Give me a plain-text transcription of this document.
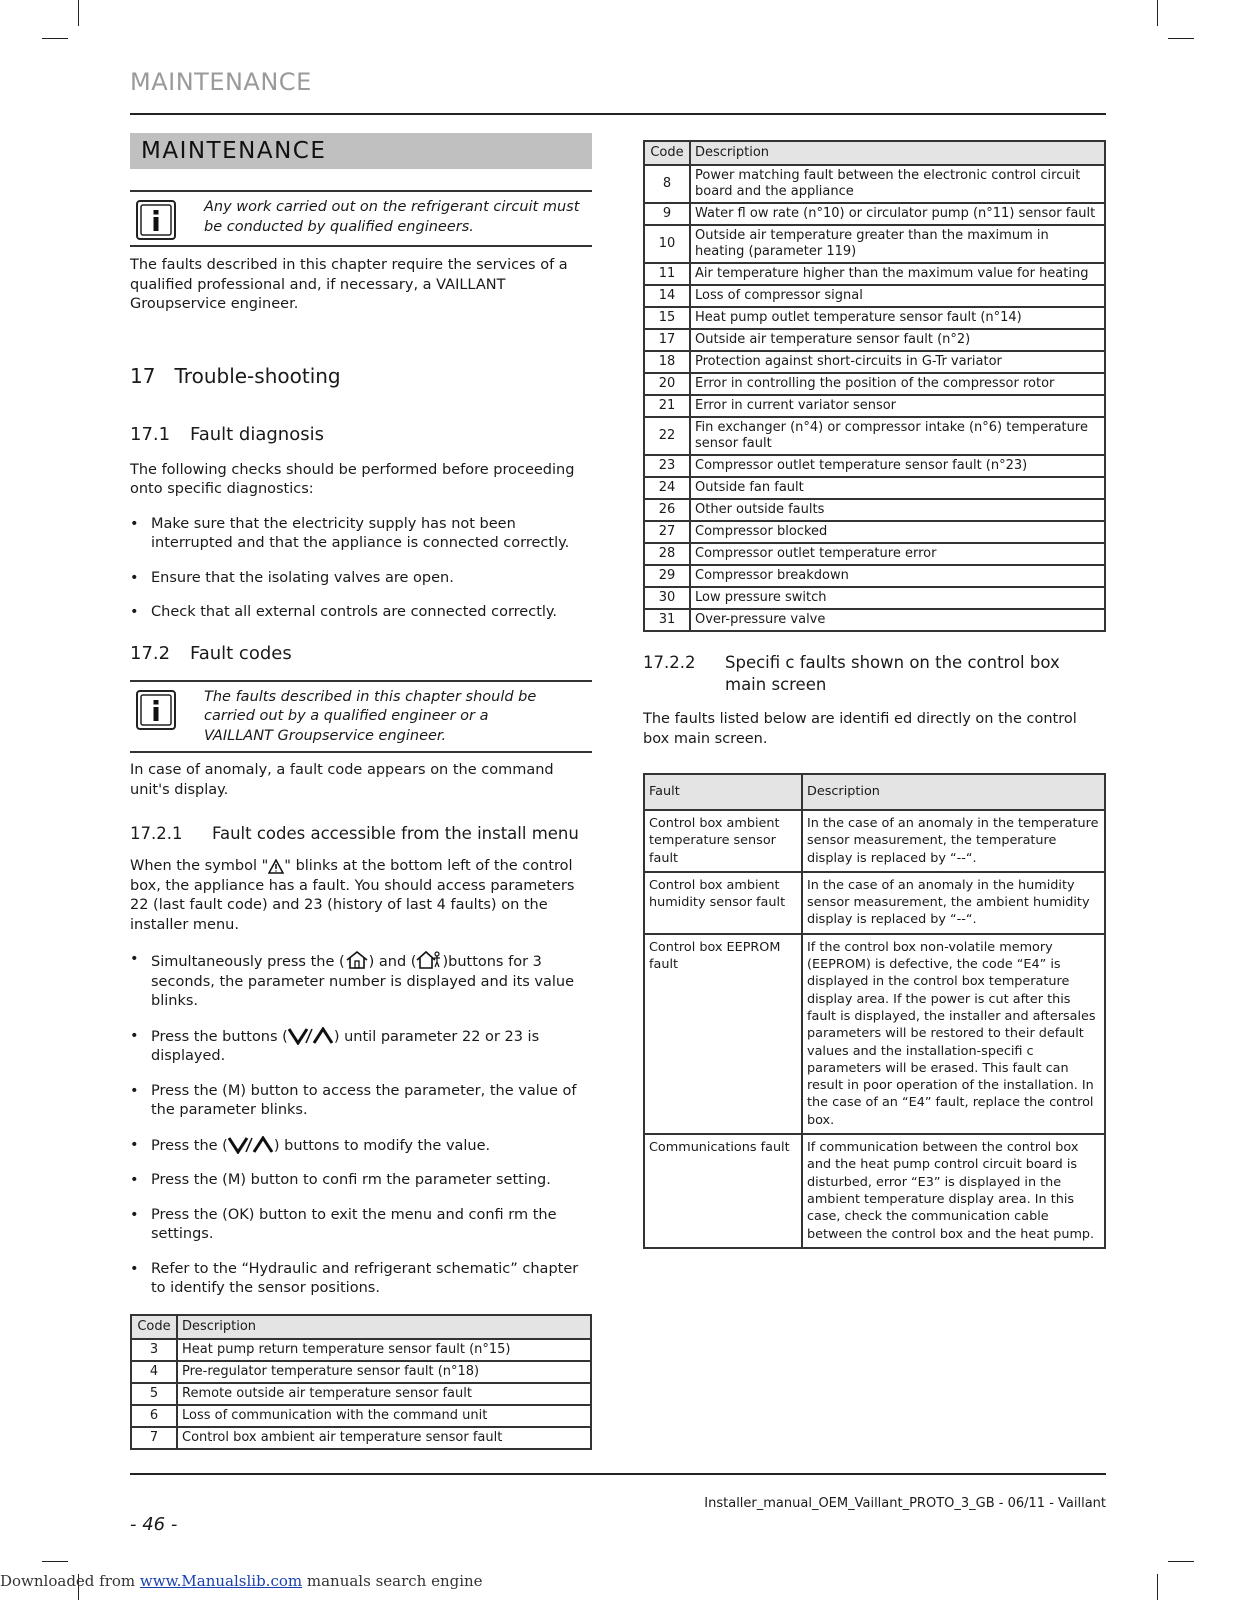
MAINTENANCE
MAINTENANCE
Any work carried out on the refrigerant circuit must be conducted by qualified engineers.

The faults described in this chapter require the services of a qualified professional and, if necessary, a VAILLANT Groupservice engineer.

17 Trouble-shooting
17.1 Fault diagnosis

The following checks should be performed before proceeding onto specific diagnostics:

• Make sure that the electricity supply has not been interrupted and that the appliance is connected correctly.
• Ensure that the isolating valves are open.
• Check that all external controls are connected correctly.
17.2 Fault codes
The faults described in this chapter should be carried out by a qualified engineer or a VAILLANT Groupservice engineer.

In case of anomaly, a fault code appears on the command unit's display.

17.2.1 Fault codes accessible from the install menu

When the symbol " " blinks at the bottom left of the control box, the appliance has a fault. You should access parameters 22 (last fault code) and 23 (history of last 4 faults) on the installer menu.

• Simultaneously press the ( ) and ( )buttons for 3 seconds, the parameter number is displayed and its value blinks.
• Press the buttons (	) until parameter 22 or 23 is displayed.
• Press the (M) button to access the parameter, the value of the parameter blinks.
• Press the (	) buttons to modify the value.
• Press the (M) button to confi rm the parameter setting.
• Press the (OK) button to exit the menu and confi rm the settings.
• Refer to the “Hydraulic and refrigerant schematic” chapter to identify the sensor positions.
Code	Description
3	Heat pump return temperature sensor fault (n°15)
4	Pre-regulator temperature sensor fault (n°18)
5	Remote outside air temperature sensor fault
6	Loss of communication with the command unit
7	Control box ambient air temperature sensor fault
Code	Description
8	Power matching fault between the electronic control circuit board and the appliance
9	Water fl ow rate (n°10) or circulator pump (n°11) sensor fault
10	Outside air temperature greater than the maximum in heating (parameter 119)
11	Air temperature higher than the maximum value for heating
14	Loss of compressor signal
15	Heat pump outlet temperature sensor fault (n°14)
17	Outside air temperature sensor fault (n°2)
18	Protection against short-circuits in G-Tr variator
20	Error in controlling the position of the compressor rotor
21	Error in current variator sensor
22	Fin exchanger (n°4) or compressor intake (n°6) temperature sensor fault
23	Compressor outlet temperature sensor fault (n°23)
24	Outside fan fault
26	Other outside faults
27	Compressor blocked
28	Compressor outlet temperature error
29	Compressor breakdown
30	Low pressure switch
31	Over-pressure valve
17.2.2	Specifi c faults shown on the control box main screen

The faults listed below are identifi ed directly on the control box main screen.

Fault	Description
Control box ambient temperature sensor fault	In the case of an anomaly in the temperature sensor measurement, the temperature display is replaced by “--“.
Control box ambient humidity sensor fault	In the case of an anomaly in the humidity sensor measurement, the ambient humidity display is replaced by “--“.
Control box EEPROM fault	If the control box non-volatile memory (EEPROM) is defective, the code “E4” is displayed in the control box temperature display area. If the power is cut after this fault is displayed, the installer and aftersales parameters will be restored to their default values and the installation-specifi c parameters will be erased. This fault can result in poor operation of the installation. In the case of an “E4” fault, replace the control box.
Communications fault	If communication between the control box and the heat pump control circuit board is disturbed, error “E3” is displayed in the ambient temperature display area. In this case, check the communication cable between the control box and the heat pump.
Installer_manual_OEM_Vaillant_PROTO_3_GB - 06/11 - Vaillant
- 46 -
Downloaded from www.Manualslib.com manuals search engine
